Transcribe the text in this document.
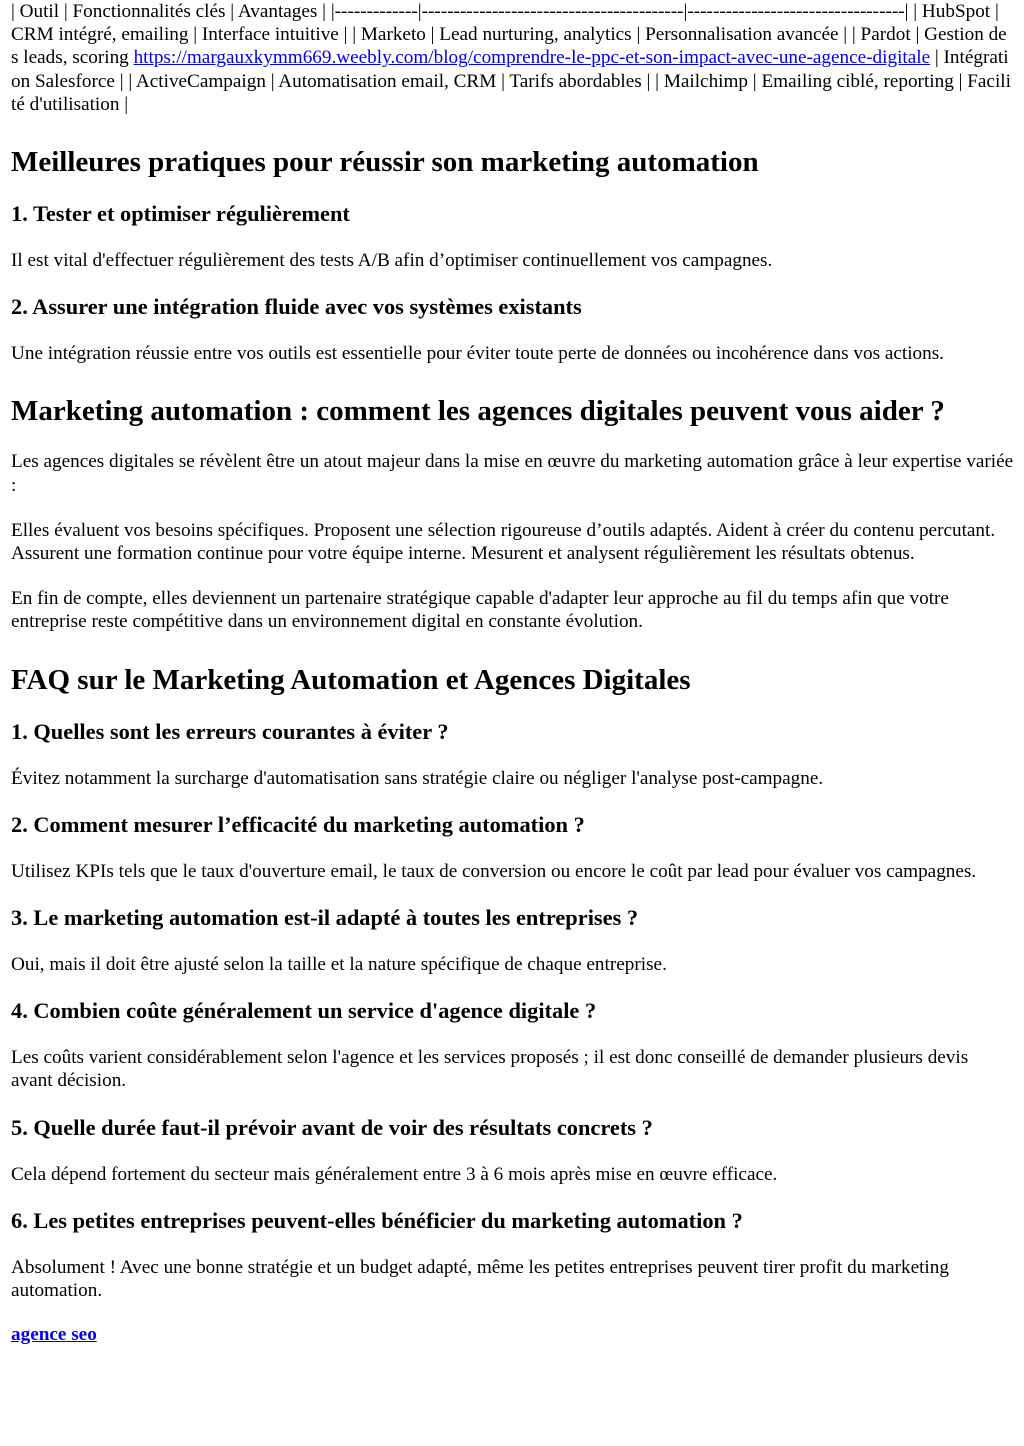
| Outil | Fonctionnalités clés | Avantages | |-------------|-----------------------------------------|----------------------------------| | HubSpot | CRM intégré, emailing | Interface intuitive | | Marketo | Lead nurturing, analytics | Personnalisation avancée | | Pardot | Gestion des leads, scoring https://margauxkymm669.weebly.com/blog/comprendre-le-ppc-et-son-impact-avec-une-agence-digitale | Intégration Salesforce | | ActiveCampaign | Automatisation email, CRM | Tarifs abordables | | Mailchimp | Emailing ciblé, reporting | Facilité d'utilisation |

Meilleures pratiques pour réussir son marketing automation
1. Tester et optimiser régulièrement

Il est vital d'effectuer régulièrement des tests A/B afin d’optimiser continuellement vos campagnes.

2. Assurer une intégration fluide avec vos systèmes existants

Une intégration réussie entre vos outils est essentielle pour éviter toute perte de données ou incohérence dans vos actions.

Marketing automation : comment les agences digitales peuvent vous aider ?

Les agences digitales se révèlent être un atout majeur dans la mise en œuvre du marketing automation grâce à leur expertise variée :

Elles évaluent vos besoins spécifiques. Proposent une sélection rigoureuse d’outils adaptés. Aident à créer du contenu percutant. Assurent une formation continue pour votre équipe interne. Mesurent et analysent régulièrement les résultats obtenus.

En fin de compte, elles deviennent un partenaire stratégique capable d'adapter leur approche au fil du temps afin que votre entreprise reste compétitive dans un environnement digital en constante évolution.

FAQ sur le Marketing Automation et Agences Digitales
1. Quelles sont les erreurs courantes à éviter ?

Évitez notamment la surcharge d'automatisation sans stratégie claire ou négliger l'analyse post-campagne.

2. Comment mesurer l’efficacité du marketing automation ?

Utilisez KPIs tels que le taux d'ouverture email, le taux de conversion ou encore le coût par lead pour évaluer vos campagnes.

3. Le marketing automation est-il adapté à toutes les entreprises ?

Oui, mais il doit être ajusté selon la taille et la nature spécifique de chaque entreprise.

4. Combien coûte généralement un service d'agence digitale ?

Les coûts varient considérablement selon l'agence et les services proposés ; il est donc conseillé de demander plusieurs devis avant décision.

5. Quelle durée faut-il prévoir avant de voir des résultats concrets ?

Cela dépend fortement du secteur mais généralement entre 3 à 6 mois après mise en œuvre efficace.

6. Les petites entreprises peuvent-elles bénéficier du marketing automation ?

Absolument ! Avec une bonne stratégie et un budget adapté, même les petites entreprises peuvent tirer profit du marketing automation.

agence seo
